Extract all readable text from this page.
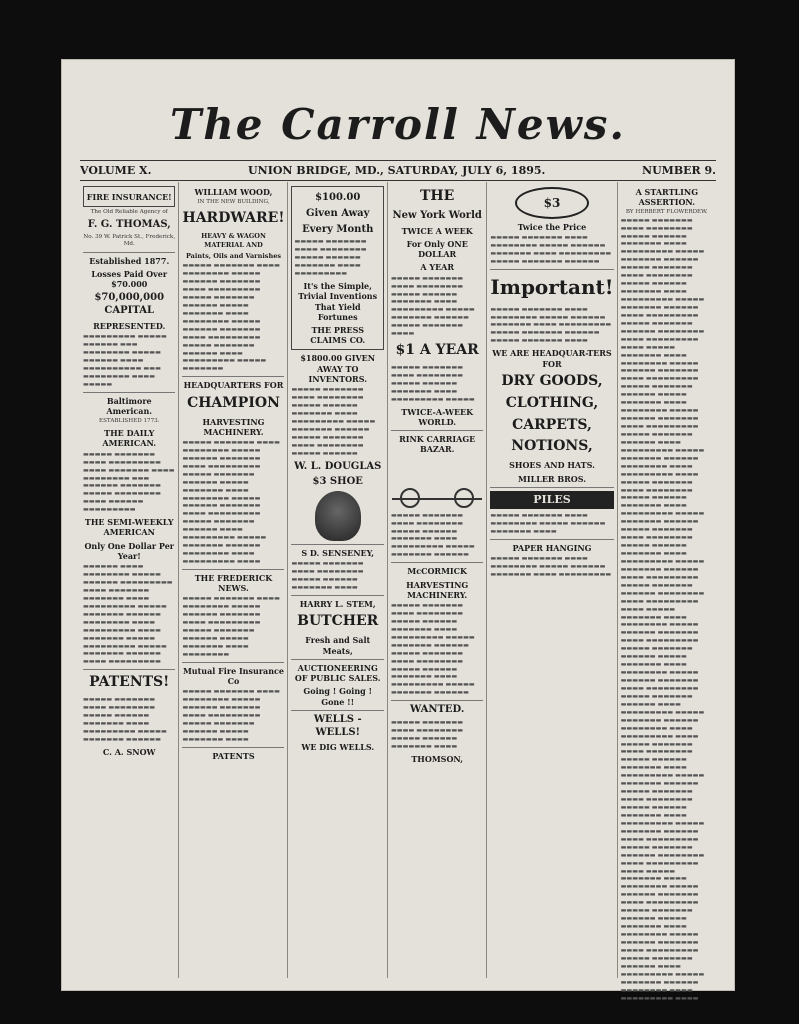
The Carroll News.
VOLUME X.	UNION BRIDGE, MD., SATURDAY, JULY 6, 1895.	NUMBER 9.
FIRE INSURANCE!
The Old Reliable Agency of
F. G. THOMAS,
No. 39 W. Patrick St., Frederick, Md.
Established 1877.
Losses Paid Over $70.000
$70,000,000 CAPITAL
REPRESENTED.
▬▬▬▬▬▬▬▬▬ ▬▬▬▬▬ ▬▬▬▬▬▬ ▬▬▬ ▬▬▬▬▬▬▬▬ ▬▬▬▬▬ ▬▬▬▬▬▬ ▬▬▬▬ ▬▬▬▬▬▬▬▬▬▬ ▬▬▬ ▬▬▬▬▬▬▬▬ ▬▬▬▬ ▬▬▬▬▬
Baltimore American.
ESTABLISHED 1773.
THE DAILY AMERICAN.
▬▬▬▬▬ ▬▬▬▬▬▬▬ ▬▬▬▬ ▬▬▬▬▬▬▬▬▬ ▬▬▬▬ ▬▬▬▬▬▬▬ ▬▬▬▬ ▬▬▬▬▬▬▬▬ ▬▬▬ ▬▬▬▬▬▬ ▬▬▬▬▬▬▬ ▬▬▬▬▬ ▬▬▬▬▬▬▬▬ ▬▬▬▬ ▬▬▬▬▬▬ ▬▬▬▬▬▬▬▬▬
THE SEMI-WEEKLY AMERICAN
Only One Dollar Per Year!
▬▬▬▬▬▬ ▬▬▬▬ ▬▬▬▬▬▬▬▬ ▬▬▬▬▬ ▬▬▬▬▬▬ ▬▬▬▬▬▬▬▬▬ ▬▬▬▬ ▬▬▬▬▬▬▬ ▬▬▬▬▬▬▬ ▬▬▬▬ ▬▬▬▬▬▬▬▬▬ ▬▬▬▬▬ ▬▬▬▬▬▬▬ ▬▬▬▬▬▬ ▬▬▬▬▬▬▬▬ ▬▬▬▬ ▬▬▬▬▬▬▬▬▬ ▬▬▬▬ ▬▬▬▬▬▬▬ ▬▬▬▬▬ ▬▬▬▬▬▬▬▬▬ ▬▬▬▬▬ ▬▬▬▬▬▬▬ ▬▬▬▬▬▬ ▬▬▬▬ ▬▬▬▬▬▬▬▬▬
PATENTS!
▬▬▬▬▬ ▬▬▬▬▬▬▬ ▬▬▬▬ ▬▬▬▬▬▬▬▬ ▬▬▬▬▬ ▬▬▬▬▬▬ ▬▬▬▬▬▬▬ ▬▬▬▬ ▬▬▬▬▬▬▬▬▬ ▬▬▬▬▬ ▬▬▬▬▬▬▬ ▬▬▬▬▬▬
C. A. SNOW
WILLIAM WOOD,
IN THE NEW BUILDING,
HARDWARE!
HEAVY & WAGON MATERIAL AND
Paints, Oils and Varnishes
▬▬▬▬▬ ▬▬▬▬▬▬▬ ▬▬▬▬ ▬▬▬▬▬▬▬▬ ▬▬▬▬▬ ▬▬▬▬▬▬ ▬▬▬▬▬▬▬ ▬▬▬▬ ▬▬▬▬▬▬▬▬▬ ▬▬▬▬▬ ▬▬▬▬▬▬▬ ▬▬▬▬▬▬ ▬▬▬▬▬ ▬▬▬▬▬▬▬ ▬▬▬▬ ▬▬▬▬▬▬▬▬ ▬▬▬▬▬ ▬▬▬▬▬▬ ▬▬▬▬▬▬▬ ▬▬▬▬ ▬▬▬▬▬▬▬▬▬ ▬▬▬▬▬ ▬▬▬▬▬▬▬ ▬▬▬▬▬▬ ▬▬▬▬ ▬▬▬▬▬▬▬▬▬ ▬▬▬▬▬ ▬▬▬▬▬▬▬
HEADQUARTERS FOR
CHAMPION
HARVESTING MACHINERY.
▬▬▬▬▬ ▬▬▬▬▬▬▬ ▬▬▬▬ ▬▬▬▬▬▬▬▬ ▬▬▬▬▬ ▬▬▬▬▬▬ ▬▬▬▬▬▬▬ ▬▬▬▬ ▬▬▬▬▬▬▬▬▬ ▬▬▬▬▬ ▬▬▬▬▬▬▬ ▬▬▬▬▬▬ ▬▬▬▬▬ ▬▬▬▬▬▬▬ ▬▬▬▬ ▬▬▬▬▬▬▬▬ ▬▬▬▬▬ ▬▬▬▬▬▬ ▬▬▬▬▬▬▬ ▬▬▬▬ ▬▬▬▬▬▬▬▬▬ ▬▬▬▬▬ ▬▬▬▬▬▬▬ ▬▬▬▬▬▬ ▬▬▬▬ ▬▬▬▬▬▬▬▬▬ ▬▬▬▬▬ ▬▬▬▬▬▬▬ ▬▬▬▬▬▬ ▬▬▬▬▬▬▬▬ ▬▬▬▬ ▬▬▬▬▬▬▬▬▬ ▬▬▬▬
THE FREDERICK NEWS.
▬▬▬▬▬ ▬▬▬▬▬▬▬ ▬▬▬▬ ▬▬▬▬▬▬▬▬ ▬▬▬▬▬ ▬▬▬▬▬▬ ▬▬▬▬▬▬▬ ▬▬▬▬ ▬▬▬▬▬▬▬▬▬ ▬▬▬▬▬ ▬▬▬▬▬▬▬ ▬▬▬▬▬▬ ▬▬▬▬▬ ▬▬▬▬▬▬▬ ▬▬▬▬ ▬▬▬▬▬▬▬▬
Mutual Fire Insurance Co
▬▬▬▬▬ ▬▬▬▬▬▬▬ ▬▬▬▬ ▬▬▬▬▬▬▬▬ ▬▬▬▬▬ ▬▬▬▬▬▬ ▬▬▬▬▬▬▬ ▬▬▬▬ ▬▬▬▬▬▬▬▬▬ ▬▬▬▬▬ ▬▬▬▬▬▬▬ ▬▬▬▬▬▬ ▬▬▬▬▬ ▬▬▬▬▬▬▬ ▬▬▬▬
PATENTS
$100.00
Given Away
Every Month
▬▬▬▬▬ ▬▬▬▬▬▬▬ ▬▬▬▬ ▬▬▬▬▬▬▬▬ ▬▬▬▬▬ ▬▬▬▬▬▬ ▬▬▬▬▬▬▬ ▬▬▬▬ ▬▬▬▬▬▬▬▬▬
It's the Simple, Trivial Inventions That Yield Fortunes
THE PRESS CLAIMS CO.
$1800.00 GIVEN AWAY TO INVENTORS.
▬▬▬▬▬ ▬▬▬▬▬▬▬ ▬▬▬▬ ▬▬▬▬▬▬▬▬ ▬▬▬▬▬ ▬▬▬▬▬▬ ▬▬▬▬▬▬▬ ▬▬▬▬ ▬▬▬▬▬▬▬▬▬ ▬▬▬▬▬ ▬▬▬▬▬▬▬ ▬▬▬▬▬▬ ▬▬▬▬▬ ▬▬▬▬▬▬▬ ▬▬▬▬ ▬▬▬▬▬▬▬▬ ▬▬▬▬▬ ▬▬▬▬▬▬
W. L. DOUGLAS
$3 SHOE
S D. SENSENEY,
▬▬▬▬▬ ▬▬▬▬▬▬▬ ▬▬▬▬ ▬▬▬▬▬▬▬▬ ▬▬▬▬▬ ▬▬▬▬▬▬ ▬▬▬▬▬▬▬ ▬▬▬▬
HARRY L. STEM,
BUTCHER
Fresh and Salt Meats,
AUCTIONEERING OF PUBLIC SALES.
Going ! Going ! Gone !!
WELLS - WELLS!
WE DIG WELLS.
THE
New York World
TWICE A WEEK
For Only ONE DOLLAR
A YEAR
▬▬▬▬▬ ▬▬▬▬▬▬▬ ▬▬▬▬ ▬▬▬▬▬▬▬▬ ▬▬▬▬▬ ▬▬▬▬▬▬ ▬▬▬▬▬▬▬ ▬▬▬▬ ▬▬▬▬▬▬▬▬▬ ▬▬▬▬▬ ▬▬▬▬▬▬▬ ▬▬▬▬▬▬ ▬▬▬▬▬ ▬▬▬▬▬▬▬ ▬▬▬▬
$1 A YEAR
▬▬▬▬▬ ▬▬▬▬▬▬▬ ▬▬▬▬ ▬▬▬▬▬▬▬▬ ▬▬▬▬▬ ▬▬▬▬▬▬ ▬▬▬▬▬▬▬ ▬▬▬▬ ▬▬▬▬▬▬▬▬▬ ▬▬▬▬▬
TWICE-A-WEEK WORLD.
RINK CARRIAGE BAZAR.
▬▬▬▬▬ ▬▬▬▬▬▬▬ ▬▬▬▬ ▬▬▬▬▬▬▬▬ ▬▬▬▬▬ ▬▬▬▬▬▬ ▬▬▬▬▬▬▬ ▬▬▬▬ ▬▬▬▬▬▬▬▬▬ ▬▬▬▬▬ ▬▬▬▬▬▬▬ ▬▬▬▬▬▬
McCORMICK
HARVESTING MACHINERY.
▬▬▬▬▬ ▬▬▬▬▬▬▬ ▬▬▬▬ ▬▬▬▬▬▬▬▬ ▬▬▬▬▬ ▬▬▬▬▬▬ ▬▬▬▬▬▬▬ ▬▬▬▬ ▬▬▬▬▬▬▬▬▬ ▬▬▬▬▬ ▬▬▬▬▬▬▬ ▬▬▬▬▬▬ ▬▬▬▬▬ ▬▬▬▬▬▬▬ ▬▬▬▬ ▬▬▬▬▬▬▬▬ ▬▬▬▬▬ ▬▬▬▬▬▬ ▬▬▬▬▬▬▬ ▬▬▬▬ ▬▬▬▬▬▬▬▬▬ ▬▬▬▬▬ ▬▬▬▬▬▬▬ ▬▬▬▬▬▬
WANTED.
▬▬▬▬▬ ▬▬▬▬▬▬▬ ▬▬▬▬ ▬▬▬▬▬▬▬▬ ▬▬▬▬▬ ▬▬▬▬▬▬ ▬▬▬▬▬▬▬ ▬▬▬▬
THOMSON,
$3
Twice the Price
▬▬▬▬▬ ▬▬▬▬▬▬▬ ▬▬▬▬ ▬▬▬▬▬▬▬▬ ▬▬▬▬▬ ▬▬▬▬▬▬ ▬▬▬▬▬▬▬ ▬▬▬▬ ▬▬▬▬▬▬▬▬▬ ▬▬▬▬▬ ▬▬▬▬▬▬▬ ▬▬▬▬▬▬
Important!
▬▬▬▬▬ ▬▬▬▬▬▬▬ ▬▬▬▬ ▬▬▬▬▬▬▬▬ ▬▬▬▬▬ ▬▬▬▬▬▬ ▬▬▬▬▬▬▬ ▬▬▬▬ ▬▬▬▬▬▬▬▬▬ ▬▬▬▬▬ ▬▬▬▬▬▬▬ ▬▬▬▬▬▬ ▬▬▬▬▬ ▬▬▬▬▬▬▬ ▬▬▬▬
WE ARE HEADQUAR-TERS FOR
DRY GOODS,
CLOTHING,
CARPETS,
NOTIONS,
SHOES AND HATS.
MILLER BROS.
PILES
▬▬▬▬▬ ▬▬▬▬▬▬▬ ▬▬▬▬ ▬▬▬▬▬▬▬▬ ▬▬▬▬▬ ▬▬▬▬▬▬ ▬▬▬▬▬▬▬ ▬▬▬▬
PAPER HANGING
▬▬▬▬▬ ▬▬▬▬▬▬▬ ▬▬▬▬ ▬▬▬▬▬▬▬▬ ▬▬▬▬▬ ▬▬▬▬▬▬ ▬▬▬▬▬▬▬ ▬▬▬▬ ▬▬▬▬▬▬▬▬▬
A STARTLING ASSERTION.
BY HERBERT FLOWERDEW.
▬▬▬▬▬ ▬▬▬▬▬▬▬ ▬▬▬▬ ▬▬▬▬▬▬▬▬ ▬▬▬▬▬ ▬▬▬▬▬▬ ▬▬▬▬▬▬▬ ▬▬▬▬ ▬▬▬▬▬▬▬▬▬ ▬▬▬▬▬ ▬▬▬▬▬▬▬ ▬▬▬▬▬▬ ▬▬▬▬▬ ▬▬▬▬▬▬▬ ▬▬▬▬ ▬▬▬▬▬▬▬▬ ▬▬▬▬▬ ▬▬▬▬▬▬ ▬▬▬▬▬▬▬ ▬▬▬▬ ▬▬▬▬▬▬▬▬▬ ▬▬▬▬▬ ▬▬▬▬▬▬▬ ▬▬▬▬▬▬ ▬▬▬▬ ▬▬▬▬▬▬▬▬▬ ▬▬▬▬▬ ▬▬▬▬▬▬▬ ▬▬▬▬▬▬ ▬▬▬▬▬▬▬▬ ▬▬▬▬ ▬▬▬▬▬▬▬▬▬ ▬▬▬▬ ▬▬▬▬▬ ▬▬▬▬▬▬▬ ▬▬▬▬ ▬▬▬▬▬▬▬▬ ▬▬▬▬▬ ▬▬▬▬▬▬ ▬▬▬▬▬▬▬ ▬▬▬▬ ▬▬▬▬▬▬▬▬▬ ▬▬▬▬▬ ▬▬▬▬▬▬▬ ▬▬▬▬▬▬ ▬▬▬▬▬ ▬▬▬▬▬▬▬ ▬▬▬▬ ▬▬▬▬▬▬▬▬ ▬▬▬▬▬ ▬▬▬▬▬▬ ▬▬▬▬▬▬▬ ▬▬▬▬ ▬▬▬▬▬▬▬▬▬ ▬▬▬▬▬ ▬▬▬▬▬▬▬ ▬▬▬▬▬▬ ▬▬▬▬ ▬▬▬▬▬▬▬▬▬ ▬▬▬▬▬ ▬▬▬▬▬▬▬ ▬▬▬▬▬▬ ▬▬▬▬▬▬▬▬ ▬▬▬▬ ▬▬▬▬▬▬▬▬▬ ▬▬▬▬ ▬▬▬▬▬ ▬▬▬▬▬▬▬ ▬▬▬▬ ▬▬▬▬▬▬▬▬ ▬▬▬▬▬ ▬▬▬▬▬▬ ▬▬▬▬▬▬▬ ▬▬▬▬ ▬▬▬▬▬▬▬▬▬ ▬▬▬▬▬ ▬▬▬▬▬▬▬ ▬▬▬▬▬▬ ▬▬▬▬▬ ▬▬▬▬▬▬▬ ▬▬▬▬ ▬▬▬▬▬▬▬▬ ▬▬▬▬▬ ▬▬▬▬▬▬ ▬▬▬▬▬▬▬ ▬▬▬▬ ▬▬▬▬▬▬▬▬▬ ▬▬▬▬▬ ▬▬▬▬▬▬▬ ▬▬▬▬▬▬ ▬▬▬▬ ▬▬▬▬▬▬▬▬▬ ▬▬▬▬▬ ▬▬▬▬▬▬▬ ▬▬▬▬▬▬ ▬▬▬▬▬▬▬▬ ▬▬▬▬ ▬▬▬▬▬▬▬▬▬ ▬▬▬▬ ▬▬▬▬▬ ▬▬▬▬▬▬▬ ▬▬▬▬ ▬▬▬▬▬▬▬▬ ▬▬▬▬▬ ▬▬▬▬▬▬ ▬▬▬▬▬▬▬ ▬▬▬▬ ▬▬▬▬▬▬▬▬▬ ▬▬▬▬▬ ▬▬▬▬▬▬▬ ▬▬▬▬▬▬ ▬▬▬▬▬ ▬▬▬▬▬▬▬ ▬▬▬▬ ▬▬▬▬▬▬▬▬ ▬▬▬▬▬ ▬▬▬▬▬▬ ▬▬▬▬▬▬▬ ▬▬▬▬ ▬▬▬▬▬▬▬▬▬ ▬▬▬▬▬ ▬▬▬▬▬▬▬ ▬▬▬▬▬▬ ▬▬▬▬ ▬▬▬▬▬▬▬▬▬ ▬▬▬▬▬ ▬▬▬▬▬▬▬ ▬▬▬▬▬▬ ▬▬▬▬▬▬▬▬ ▬▬▬▬ ▬▬▬▬▬▬▬▬▬ ▬▬▬▬ ▬▬▬▬▬ ▬▬▬▬▬▬▬ ▬▬▬▬ ▬▬▬▬▬▬▬▬ ▬▬▬▬▬ ▬▬▬▬▬▬ ▬▬▬▬▬▬▬ ▬▬▬▬ ▬▬▬▬▬▬▬▬▬ ▬▬▬▬▬ ▬▬▬▬▬▬▬ ▬▬▬▬▬▬ ▬▬▬▬▬ ▬▬▬▬▬▬▬ ▬▬▬▬ ▬▬▬▬▬▬▬▬ ▬▬▬▬▬ ▬▬▬▬▬▬ ▬▬▬▬▬▬▬ ▬▬▬▬ ▬▬▬▬▬▬▬▬▬ ▬▬▬▬▬ ▬▬▬▬▬▬▬ ▬▬▬▬▬▬ ▬▬▬▬ ▬▬▬▬▬▬▬▬▬ ▬▬▬▬▬ ▬▬▬▬▬▬▬ ▬▬▬▬▬▬ ▬▬▬▬▬▬▬▬ ▬▬▬▬ ▬▬▬▬▬▬▬▬▬ ▬▬▬▬ ▬▬▬▬▬ ▬▬▬▬▬▬▬ ▬▬▬▬ ▬▬▬▬▬▬▬▬ ▬▬▬▬▬ ▬▬▬▬▬▬ ▬▬▬▬▬▬▬ ▬▬▬▬ ▬▬▬▬▬▬▬▬▬ ▬▬▬▬▬ ▬▬▬▬▬▬▬ ▬▬▬▬▬▬ ▬▬▬▬▬ ▬▬▬▬▬▬▬ ▬▬▬▬ ▬▬▬▬▬▬▬▬ ▬▬▬▬▬ ▬▬▬▬▬▬ ▬▬▬▬▬▬▬ ▬▬▬▬ ▬▬▬▬▬▬▬▬▬ ▬▬▬▬▬ ▬▬▬▬▬▬▬ ▬▬▬▬▬▬ ▬▬▬▬ ▬▬▬▬▬▬▬▬▬ ▬▬▬▬▬ ▬▬▬▬▬▬▬ ▬▬▬▬▬▬ ▬▬▬▬▬▬▬▬ ▬▬▬▬ ▬▬▬▬▬▬▬▬▬ ▬▬▬▬
